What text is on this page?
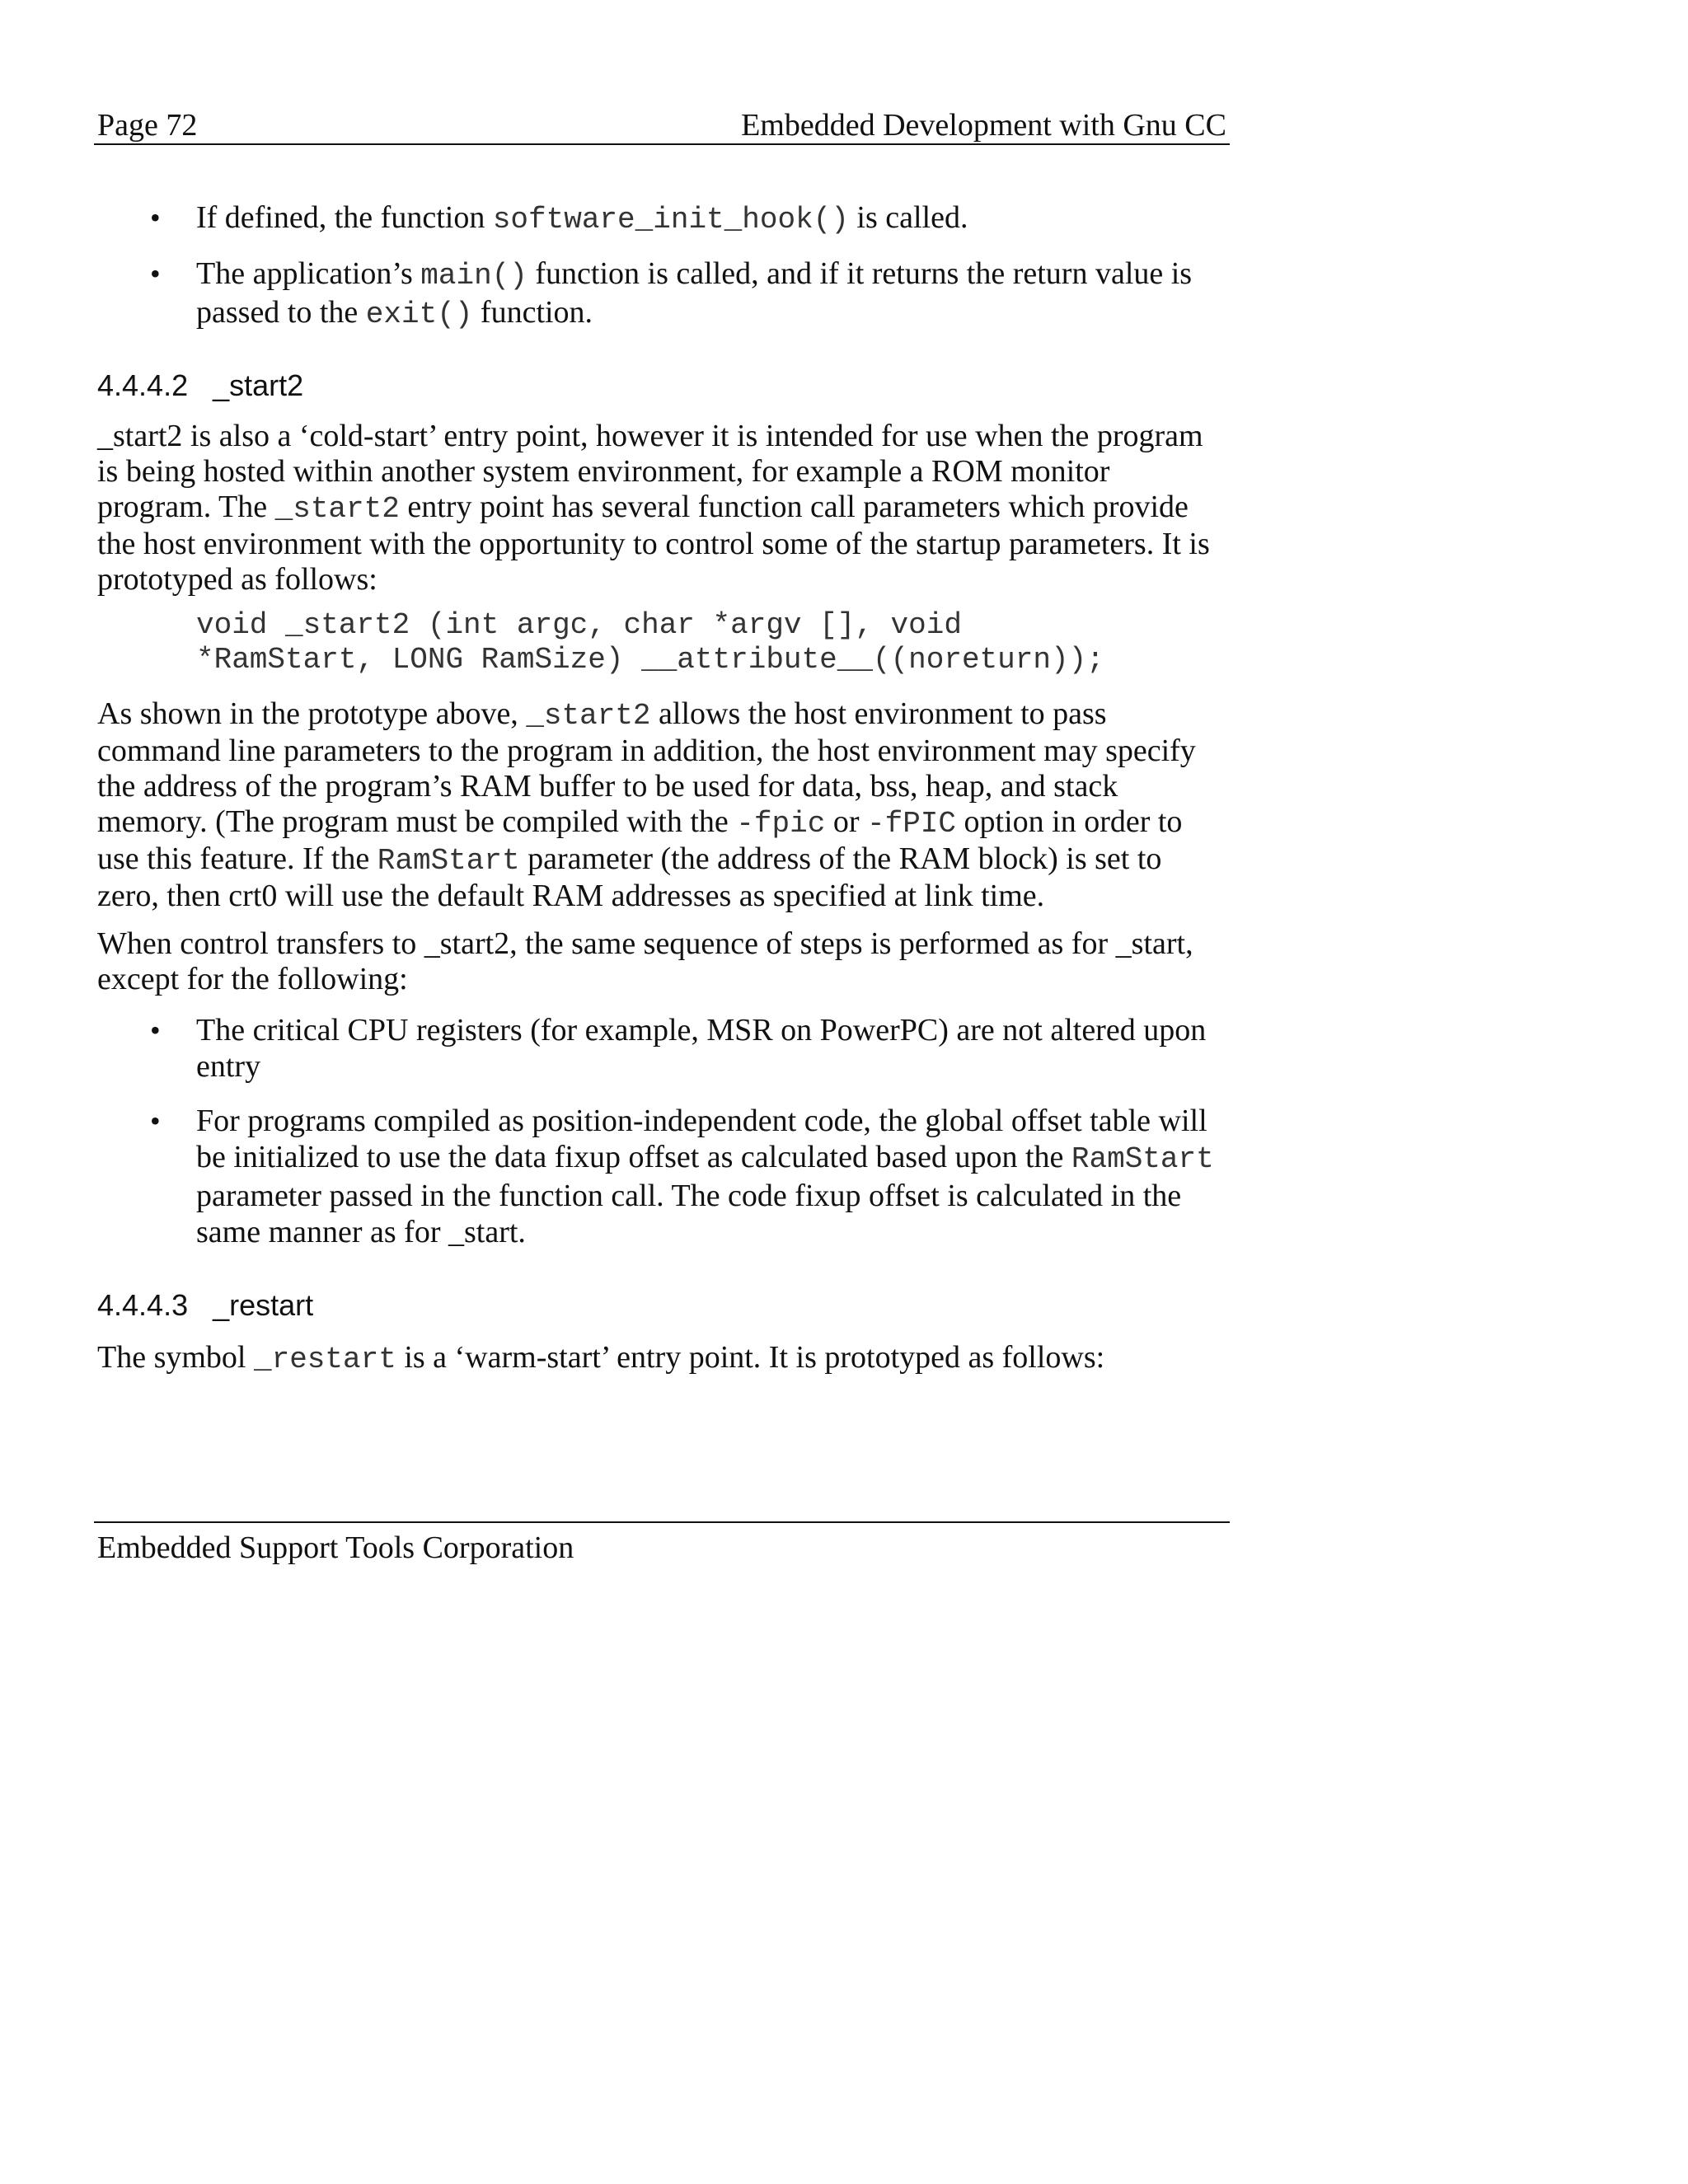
Page 72	Embedded Development with Gnu CC
• If defined, the function software_init_hook() is called.
• The application’s main() function is called, and if it returns the return value is passed to the exit() function.
4.4.4.2 _start2
_start2 is also a ‘cold-start’ entry point, however it is intended for use when the program is being hosted within another system environment, for example a ROM monitor program. The _start2 entry point has several function call parameters which provide the host environment with the opportunity to control some of the startup parameters. It is prototyped as follows:
void _start2 (int argc, char *argv [], void
*RamStart, LONG RamSize) __attribute__((noreturn));
As shown in the prototype above, _start2 allows the host environment to pass command line parameters to the program in addition, the host environment may specify the address of the program’s RAM buffer to be used for data, bss, heap, and stack memory. (The program must be compiled with the -fpic or -fPIC option in order to use this feature. If the RamStart parameter (the address of the RAM block) is set to zero, then crt0 will use the default RAM addresses as specified at link time.
When control transfers to _start2, the same sequence of steps is performed as for _start, except for the following:
• The critical CPU registers (for example, MSR on PowerPC) are not altered upon entry
• For programs compiled as position-independent code, the global offset table will be initialized to use the data fixup offset as calculated based upon the RamStart parameter passed in the function call. The code fixup offset is calculated in the same manner as for _start.
4.4.4.3 _restart
The symbol _restart is a ‘warm-start’ entry point. It is prototyped as follows:
Embedded Support Tools Corporation
